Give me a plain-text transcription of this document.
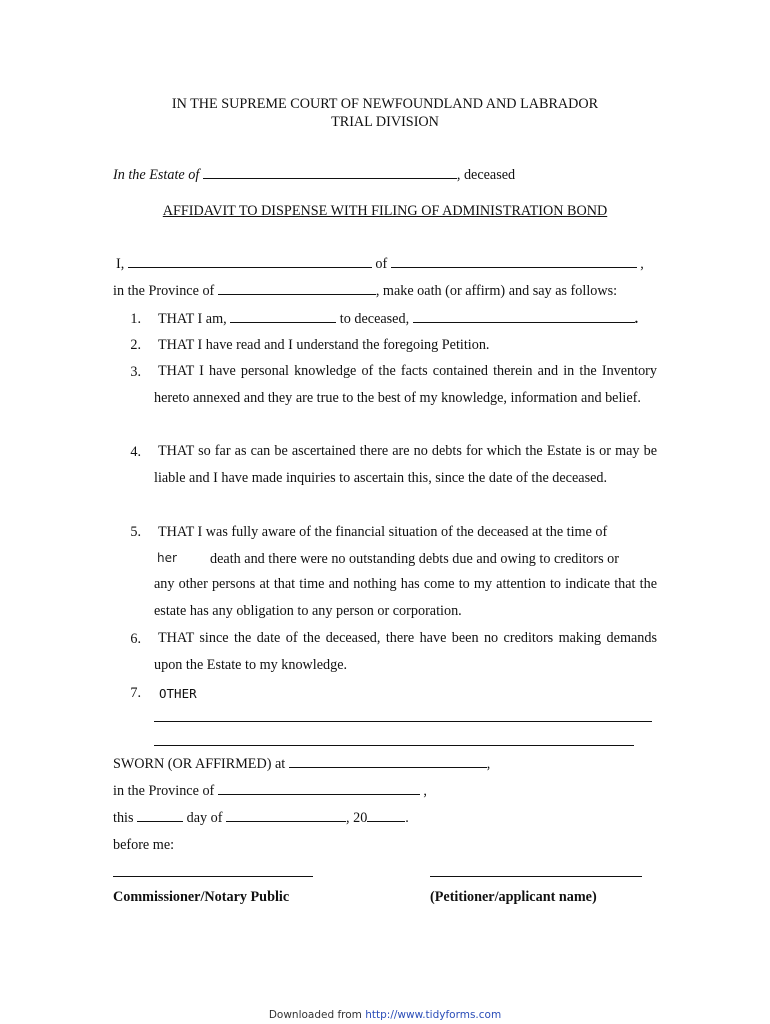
IN THE SUPREME COURT OF NEWFOUNDLAND AND LABRADOR
TRIAL DIVISION
In the Estate of	, deceased
AFFIDAVIT TO DISPENSE WITH FILING OF ADMINISTRATION BOND
I,	of	,
in the Province of	, make oath (or affirm) and say as follows:
1. THAT I am,	to deceased,	.
2. THAT I have read and I understand the foregoing Petition.
3. THAT I have personal knowledge of the facts contained therein and in the Inventory hereto annexed and they are true to the best of my knowledge, information and belief.
4. THAT so far as can be ascertained there are no debts for which the Estate is or may be liable and I have made inquiries to ascertain this, since the date of the deceased.
5. THAT I was fully aware of the financial situation of the deceased at the time of
her death and there were no outstanding debts due and owing to creditors or
any other persons at that time and nothing has come to my attention to indicate that the estate has any obligation to any person or corporation.
6. THAT since the date of the deceased, there have been no creditors making demands upon the Estate to my knowledge.
7. OTHER
SWORN (OR AFFIRMED) at	,
in the Province of	,
this	day of	, 20	.
before me:
Commissioner/Notary Public	(Petitioner/applicant name)
Downloaded from http://www.tidyforms.com
